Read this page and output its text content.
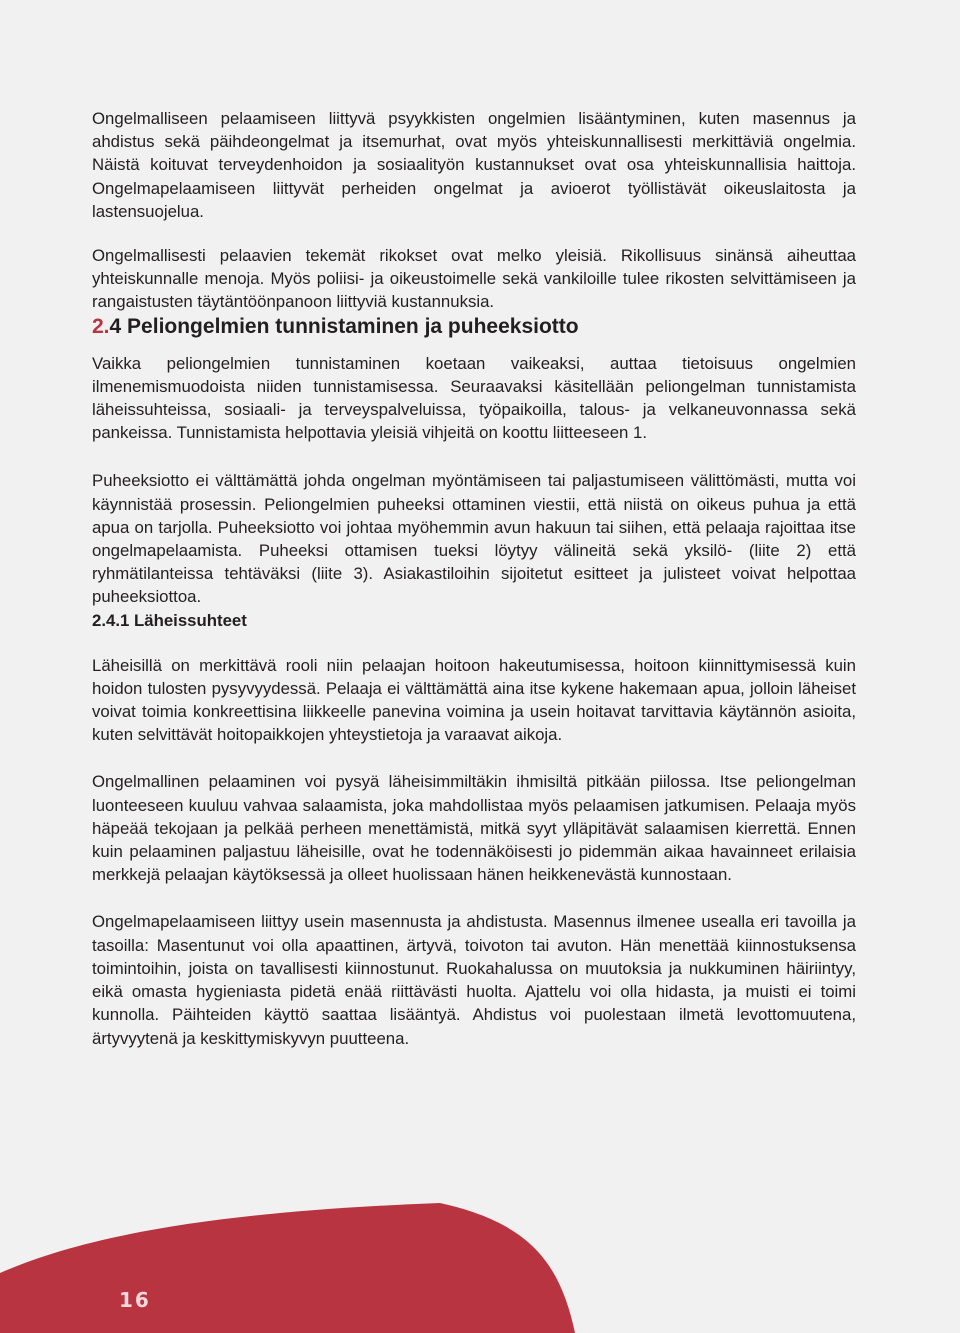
Ongelmalliseen pelaamiseen liittyvä psyykkisten ongelmien lisääntyminen, kuten masennus ja ahdistus sekä päihdeongelmat ja itsemurhat, ovat myös yhteiskunnallisesti merkittäviä ongelmia. Näistä koituvat terveydenhoidon ja sosiaalityön kustannukset ovat osa yhteiskunnallisia haittoja. Ongelmapelaamiseen liittyvät perheiden ongelmat ja avioerot työllistävät oikeuslaitosta ja lastensuojelua.

Ongelmallisesti pelaavien tekemät rikokset ovat melko yleisiä. Rikollisuus sinänsä aiheuttaa yhteiskunnalle menoja. Myös poliisi- ja oikeustoimelle sekä vankiloille tulee rikosten selvittämiseen ja rangaistusten täytäntöönpanoon liittyviä kustannuksia.

2.4 Peliongelmien tunnistaminen ja puheeksiotto

Vaikka peliongelmien tunnistaminen koetaan vaikeaksi, auttaa tietoisuus ongelmien ilmenemismuodoista niiden tunnistamisessa. Seuraavaksi käsitellään peliongelman tunnistamista läheissuhteissa, sosiaali- ja terveyspalveluissa, työpaikoilla, talous- ja velkaneuvonnassa sekä pankeissa. Tunnistamista helpottavia yleisiä vihjeitä on koottu liitteeseen 1.

Puheeksiotto ei välttämättä johda ongelman myöntämiseen tai paljastumiseen välittömästi, mutta voi käynnistää prosessin. Peliongelmien puheeksi ottaminen viestii, että niistä on oikeus puhua ja että apua on tarjolla. Puheeksiotto voi johtaa myöhemmin avun hakuun tai siihen, että pelaaja rajoittaa itse ongelmapelaamista. Puheeksi ottamisen tueksi löytyy välineitä sekä yksilö- (liite 2) että ryhmätilanteissa tehtäväksi (liite 3). Asiakastiloihin sijoitetut esitteet ja julisteet voivat helpottaa puheeksiottoa.

2.4.1 Läheissuhteet

Läheisillä on merkittävä rooli niin pelaajan hoitoon hakeutumisessa, hoitoon kiinnittymisessä kuin hoidon tulosten pysyvyydessä. Pelaaja ei välttämättä aina itse kykene hakemaan apua, jolloin läheiset voivat toimia konkreettisina liikkeelle panevina voimina ja usein hoitavat tarvittavia käytännön asioita, kuten selvittävät hoitopaikkojen yhteystietoja ja varaavat aikoja.

Ongelmallinen pelaaminen voi pysyä läheisimmiltäkin ihmisiltä pitkään piilossa. Itse peliongelman luonteeseen kuuluu vahvaa salaamista, joka mahdollistaa myös pelaamisen jatkumisen. Pelaaja myös häpeää tekojaan ja pelkää perheen menettämistä, mitkä syyt ylläpitävät salaamisen kierrettä. Ennen kuin pelaaminen paljastuu läheisille, ovat he todennäköisesti jo pidemmän aikaa havainneet erilaisia merkkejä pelaajan käytöksessä ja olleet huolissaan hänen heikkenevästä kunnostaan.

Ongelmapelaamiseen liittyy usein masennusta ja ahdistusta. Masennus ilmenee usealla eri tavoilla ja tasoilla: Masentunut voi olla apaattinen, ärtyvä, toivoton tai avuton. Hän menettää kiinnostuksensa toimintoihin, joista on tavallisesti kiinnostunut. Ruokahalussa on muutoksia ja nukkuminen häiriintyy, eikä omasta hygieniasta pidetä enää riittävästi huolta. Ajattelu voi olla hidasta, ja muisti ei toimi kunnolla. Päihteiden käyttö saattaa lisääntyä. Ahdistus voi puolestaan ilmetä levottomuutena, ärtyvyytenä ja keskittymiskyvyn puutteena.

16
